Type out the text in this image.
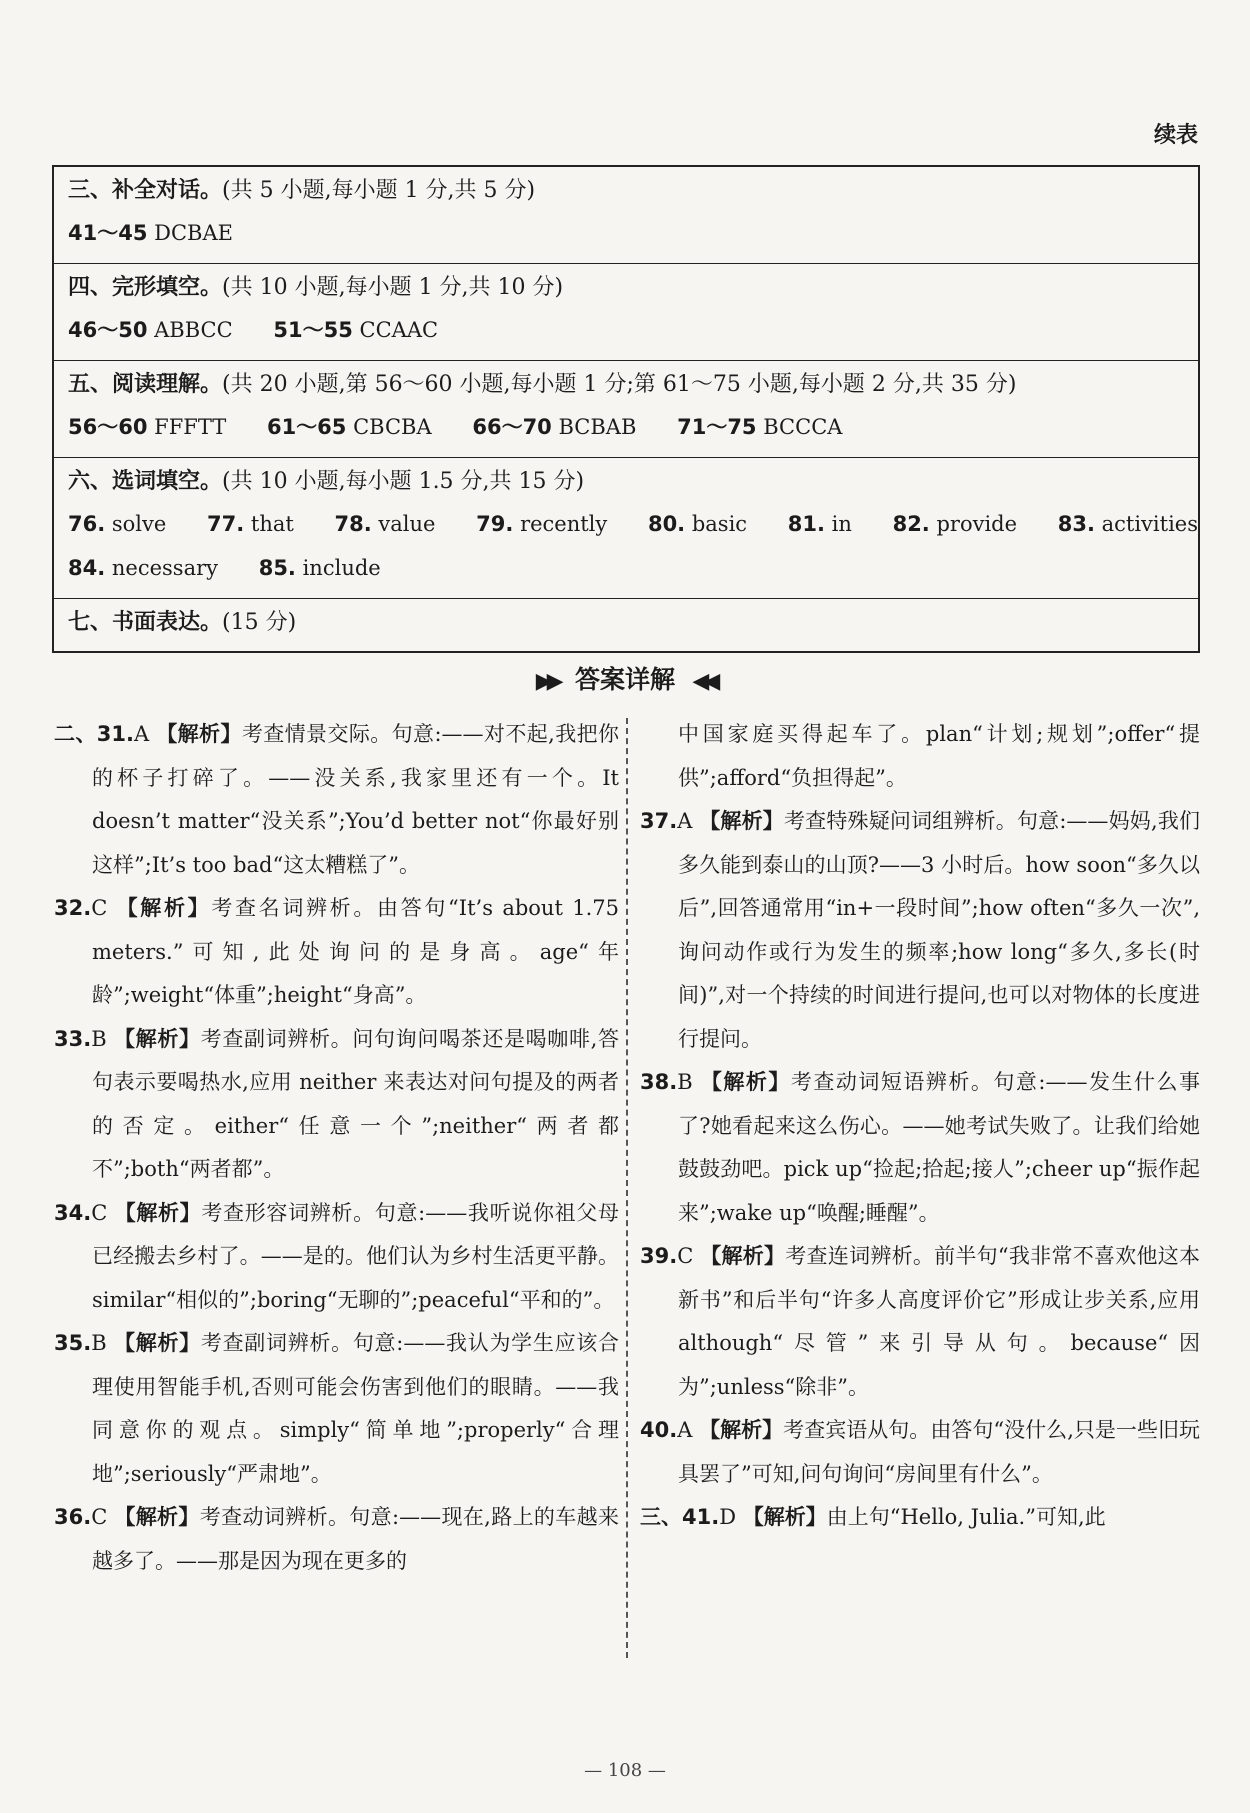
续表
三、补全对话。(共 5 小题,每小题 1 分,共 5 分)
41～45 DCBAE
四、完形填空。(共 10 小题,每小题 1 分,共 10 分)
46～50 ABBCC 51～55 CCAAC
五、阅读理解。(共 20 小题,第 56～60 小题,每小题 1 分;第 61～75 小题,每小题 2 分,共 35 分)
56～60 FFFTT 61～65 CBCBA 66～70 BCBAB 71～75 BCCCA
六、选词填空。(共 10 小题,每小题 1.5 分,共 15 分)
76. solve 77. that 78. value 79. recently 80. basic 81. in 82. provide 83. activities
84. necessary 85. include
七、书面表达。(15 分)
▶▶ 答案详解 ◀◀

二、31.A 【解析】考查情景交际。句意:——对不起,我把你的杯子打碎了。——没关系,我家里还有一个。It doesn’t matter“没关系”;You’d better not“你最好别这样”;It’s too bad“这太糟糕了”。

32.C 【解析】考查名词辨析。由答句“It’s about 1.75 meters.”可知,此处询问的是身高。age“年龄”;weight“体重”;height“身高”。

33.B 【解析】考查副词辨析。问句询问喝茶还是喝咖啡,答句表示要喝热水,应用 neither 来表达对问句提及的两者的否定。either“任意一个”;neither“两者都不”;both“两者都”。

34.C 【解析】考查形容词辨析。句意:——我听说你祖父母已经搬去乡村了。——是的。他们认为乡村生活更平静。similar“相似的”;boring“无聊的”;peaceful“平和的”。

35.B 【解析】考查副词辨析。句意:——我认为学生应该合理使用智能手机,否则可能会伤害到他们的眼睛。——我同意你的观点。simply“简单地”;properly“合理地”;seriously“严肃地”。

36.C 【解析】考查动词辨析。句意:——现在,路上的车越来越多了。——那是因为现在更多的

中国家庭买得起车了。plan“计划;规划”;offer“提供”;afford“负担得起”。

37.A 【解析】考查特殊疑问词组辨析。句意:——妈妈,我们多久能到泰山的山顶?——3 小时后。how soon“多久以后”,回答通常用“in+一段时间”;how often“多久一次”,询问动作或行为发生的频率;how long“多久,多长(时间)”,对一个持续的时间进行提问,也可以对物体的长度进行提问。

38.B 【解析】考查动词短语辨析。句意:——发生什么事了?她看起来这么伤心。——她考试失败了。让我们给她鼓鼓劲吧。pick up“捡起;拾起;接人”;cheer up“振作起来”;wake up“唤醒;睡醒”。

39.C 【解析】考查连词辨析。前半句“我非常不喜欢他这本新书”和后半句“许多人高度评价它”形成让步关系,应用 although“尽管”来引导从句。because“因为”;unless“除非”。

40.A 【解析】考查宾语从句。由答句“没什么,只是一些旧玩具罢了”可知,问句询问“房间里有什么”。

三、41.D 【解析】由上句“Hello, Julia.”可知,此

— 108 —
